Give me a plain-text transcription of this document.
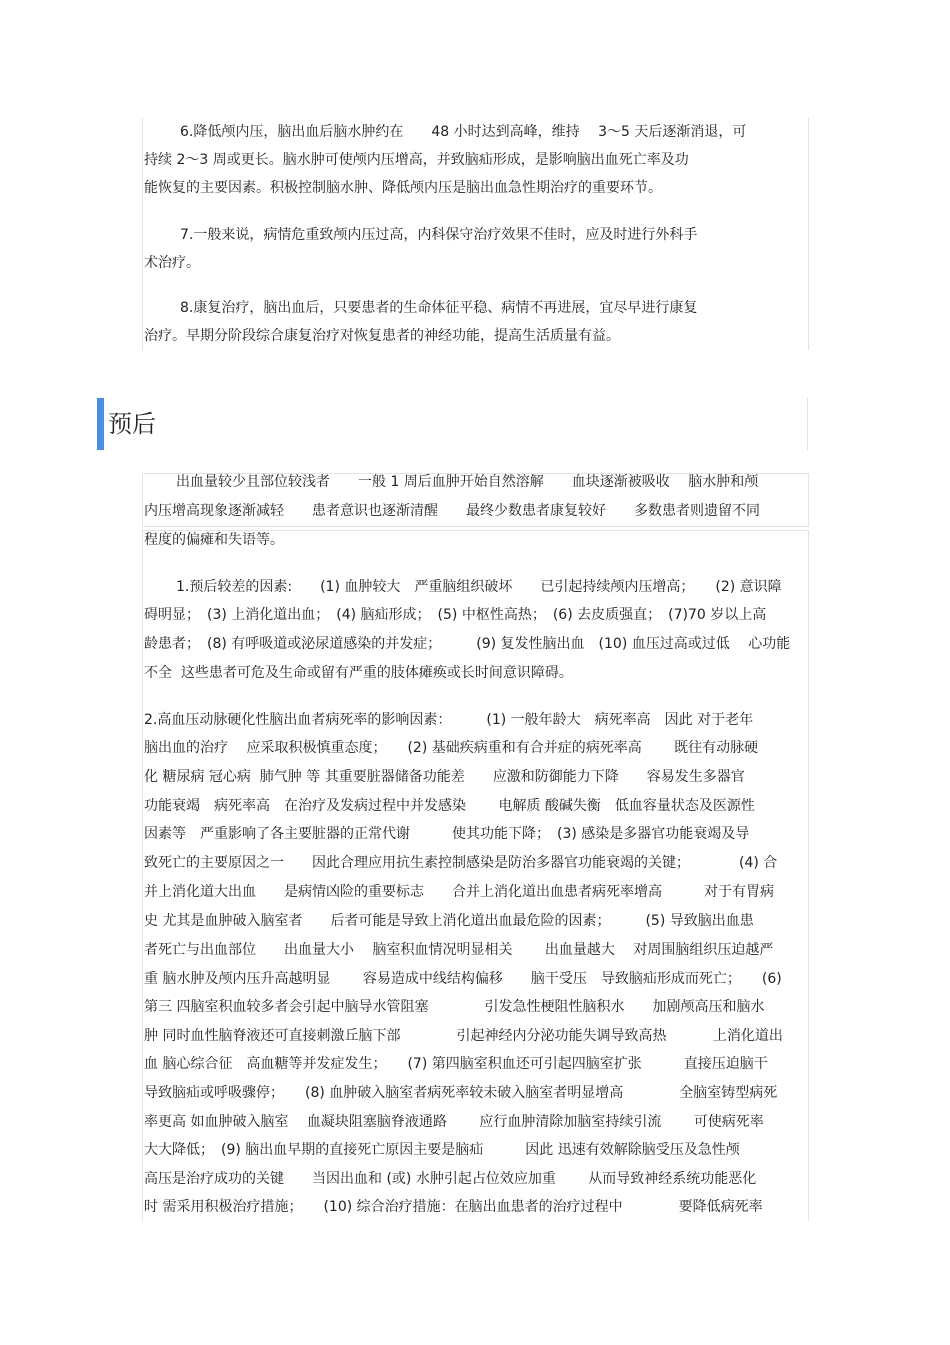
6.降低颅内压，脑出血后脑水肿约在　　48 小时达到高峰，维持　 3～5 天后逐渐消退，可
持续 2～3 周或更长。脑水肿可使颅内压增高，并致脑疝形成，是影响脑出血死亡率及功
能恢复的主要因素。积极控制脑水肿、降低颅内压是脑出血急性期治疗的重要环节。
7.一般来说，病情危重致颅内压过高，内科保守治疗效果不佳时，应及时进行外科手
术治疗。
8.康复治疗，脑出血后，只要患者的生命体征平稳、病情不再进展，宜尽早进行康复
治疗。早期分阶段综合康复治疗对恢复患者的神经功能，提高生活质量有益。
预后
出血量较少且部位较浅者　　一般 1 周后血肿开始自然溶解　　血块逐渐被吸收　 脑水肿和颅
内压增高现象逐渐减轻　　患者意识也逐渐清醒　　最终少数患者康复较好　　多数患者则遗留不同
程度的偏瘫和失语等。
1.预后较差的因素:　　(1) 血肿较大　严重脑组织破坏　　已引起持续颅内压增高；　　(2) 意识障
碍明显；　(3) 上消化道出血；　(4) 脑疝形成；　(5) 中枢性高热；　(6) 去皮质强直；　(7)70 岁以上高
龄患者；　(8) 有呼吸道或泌尿道感染的并发症；　　　(9) 复发性脑出血　(10) 血压过高或过低　 心功能
不全  这些患者可危及生命或留有严重的肢体瘫痪或长时间意识障碍。
2.高血压动脉硬化性脑出血者病死率的影响因素：　　　(1) 一般年龄大　病死率高　因此 对于老年
脑出血的治疗　 应采取积极慎重态度；　　(2) 基础疾病重和有合并症的病死率高　　 既往有动脉硬
化 糖尿病 冠心病  肺气肿 等 其重要脏器储备功能差　　应激和防御能力下降　　容易发生多器官
功能衰竭　病死率高　在治疗及发病过程中并发感染　　 电解质 酸碱失衡　低血容量状态及医源性
因素等　严重影响了各主要脏器的正常代谢　　　使其功能下降；　(3) 感染是多器官功能衰竭及导
致死亡的主要原因之一　　因此合理应用抗生素控制感染是防治多器官功能衰竭的关键；　　　　(4) 合
并上消化道大出血　　是病情凶险的重要标志　　合并上消化道出血患者病死率增高　　　对于有胃病
史 尤其是血肿破入脑室者　　后者可能是导致上消化道出血最危险的因素；　　　(5) 导致脑出血患
者死亡与出血部位　　出血量大小　 脑室积血情况明显相关　　 出血量越大　 对周围脑组织压迫越严
重 脑水肿及颅内压升高越明显　　 容易造成中线结构偏移　　脑干受压　导致脑疝形成而死亡；　　(6)
第三 四脑室积血较多者会引起中脑导水管阻塞　　　　引发急性梗阻性脑积水　　加剧颅高压和脑水
肿 同时血性脑脊液还可直接刺激丘脑下部　　　　引起神经内分泌功能失调导致高热　　　 上消化道出
血 脑心综合征　高血糖等并发症发生；　　(7) 第四脑室积血还可引起四脑室扩张　　　直接压迫脑干
导致脑疝或呼吸骤停；　　(8) 血肿破入脑室者病死率较未破入脑室者明显增高　　　　全脑室铸型病死
率更高 如血肿破入脑室　 血凝块阻塞脑脊液通路　　 应行血肿清除加脑室持续引流　　 可使病死率
大大降低；　(9) 脑出血早期的直接死亡原因主要是脑疝　　　因此 迅速有效解除脑受压及急性颅
高压是治疗成功的关键　　当因出血和 (或) 水肿引起占位效应加重　　 从而导致神经系统功能恶化
时 需采用积极治疗措施；　　(10) 综合治疗措施：在脑出血患者的治疗过程中　　　　要降低病死率
